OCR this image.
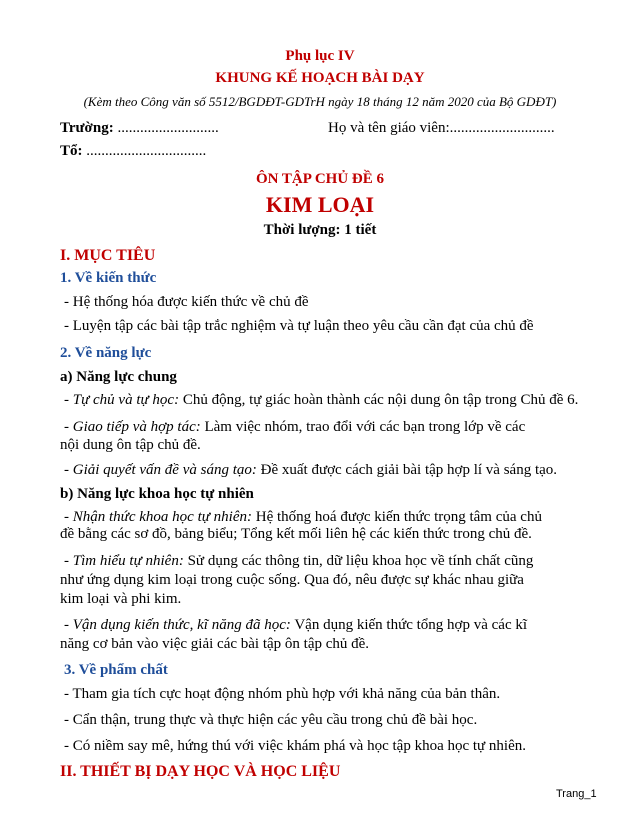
Phụ lục IV
KHUNG KẾ HOẠCH BÀI DẠY
(Kèm theo Công văn số 5512/BGDĐT-GDTrH ngày 18 tháng 12 năm 2020 của Bộ GDĐT)
Trường: ...........................	Họ và tên giáo viên:............................
Tổ: ................................
ÔN TẬP CHỦ ĐỀ 6
KIM LOẠI
Thời lượng: 1 tiết
I. MỤC TIÊU
1. Về kiến thức
- Hệ thống hóa được kiến thức về chủ đề
- Luyện tập các bài tập trắc nghiệm và tự luận theo yêu cầu cần đạt của chủ đề
2. Về năng lực
a) Năng lực chung
- Tự chủ và tự học: Chủ động, tự giác hoàn thành các nội dung ôn tập trong Chủ đề 6.
- Giao tiếp và hợp tác: Làm việc nhóm, trao đổi với các bạn trong lớp về các
nội dung ôn tập chủ đề.
- Giải quyết vấn đề và sáng tạo: Đề xuất được cách giải bài tập hợp lí và sáng tạo.
b) Năng lực khoa học tự nhiên
- Nhận thức khoa học tự nhiên: Hệ thống hoá được kiến thức trọng tâm của chủ
đề bằng các sơ đồ, bảng biểu; Tổng kết mối liên hệ các kiến thức trong chủ đề.
- Tìm hiểu tự nhiên: Sử dụng các thông tin, dữ liệu khoa học về tính chất cũng
như ứng dụng kim loại trong cuộc sống. Qua đó, nêu được sự khác nhau giữa
kim loại và phi kim.
- Vận dụng kiến thức, kĩ năng đã học: Vận dụng kiến thức tổng hợp và các kĩ
năng cơ bản vào việc giải các bài tập ôn tập chủ đề.
3. Về phẩm chất
- Tham gia tích cực hoạt động nhóm phù hợp với khả năng của bản thân.
- Cẩn thận, trung thực và thực hiện các yêu cầu trong chủ đề bài học.
- Có niềm say mê, hứng thú với việc khám phá và học tập khoa học tự nhiên.
II. THIẾT BỊ DẠY HỌC VÀ HỌC LIỆU
Trang_1
